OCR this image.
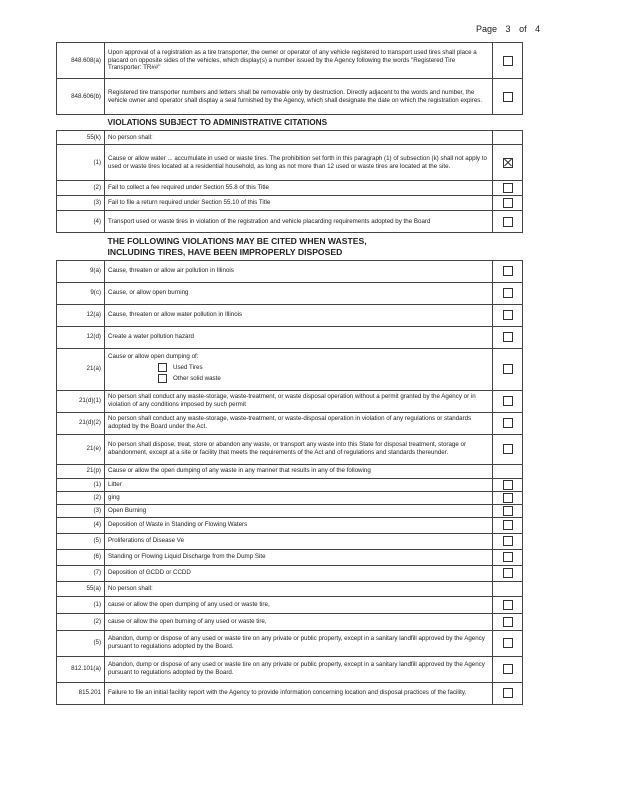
Page 3 of 4
848.608(a)	Upon approval of a registration as a tire transporter, the owner or operator of any vehicle registered to transport used tires shall place a placard on opposite sides of the vehicles, which display(s) a number issued by the Agency following the words "Registered Tire Transporter: TR##"	
848.606(b)	Registered tire transporter numbers and letters shall be removable only by destruction. Directly adjacent to the words and number, the vehicle owner and operator shall display a seal furnished by the Agency, which shall designate the date on which the registration expires.	
	VIOLATIONS SUBJECT TO ADMINISTRATIVE CITATIONS	
55(k)	No person shall:	
(1)	Cause or allow water ... accumulate in used or waste tires. The prohibition set forth in this paragraph (1) of subsection (k) shall not apply to used or waste tires located at a residential household, as long as not more than 12 used or waste tires are located at the site.	
(2)	Fail to collect a fee required under Section 55.8 of this Title	
(3)	Fail to file a return required under Section 55.10 of this Title	
(4)	Transport used or waste tires in violation of the registration and vehicle placarding requirements adopted by the Board	

	THE FOLLOWING VIOLATIONS MAY BE CITED WHEN WASTES,
INCLUDING TIRES, HAVE BEEN IMPROPERLY DISPOSED	

9(a)	Cause, threaten or allow air pollution in Illinois	
9(c)	Cause, or allow open burning	
12(a)	Cause, threaten or allow water pollution in Illinois	
12(d)	Create a water pollution hazard	
21(a)	Cause or allow open dumping of:
Used Tires
Other solid waste	

21(d)(1)	No person shall conduct any waste-storage, waste-treatment, or waste disposal operation without a permit granted by the Agency or in violation of any conditions imposed by such permit	
21(d)(2)	No person shall conduct any waste-storage, waste-treatment, or waste-disposal operation in violation of any regulations or standards adopted by the Board under the Act.	
21(e)	No person shall dispose, treat, store or abandon any waste, or transport any waste into this State for disposal treatment, storage or abandonment, except at a site or facility that meets the requirements of the Act and of regulations and standards thereunder.	
21(p)	Cause or allow the open dumping of any waste in any manner that results in any of the following	
(1)	Litter	
(2)	ging	
(3)	Open Burning	
(4)	Deposition of Waste in Standing or Flowing Waters	
(5)	Proliferations of Disease Ve	
(6)	Standing or Flowing Liquid Discharge from the Dump Site	
(7)	Deposition of GCDD or CCDD	
55(a)	No person shall:	
(1)	cause or allow the open dumping of any used or waste tire,	
(2)	cause or allow the open burning of any used or waste tire,	
(5)	Abandon, dump or dispose of any used or waste tire on any private or public property, except in a sanitary landfill approved by the Agency pursuant to regulations adopted by the Board.	
812.101(a)	Abandon, dump or dispose of any used or waste tire on any private or public property, except in a sanitary landfill approved by the Agency pursuant to regulations adopted by the Board.	
815.201	Failure to file an initial facility report with the Agency to provide information concerning location and disposal practices of the facility.	
